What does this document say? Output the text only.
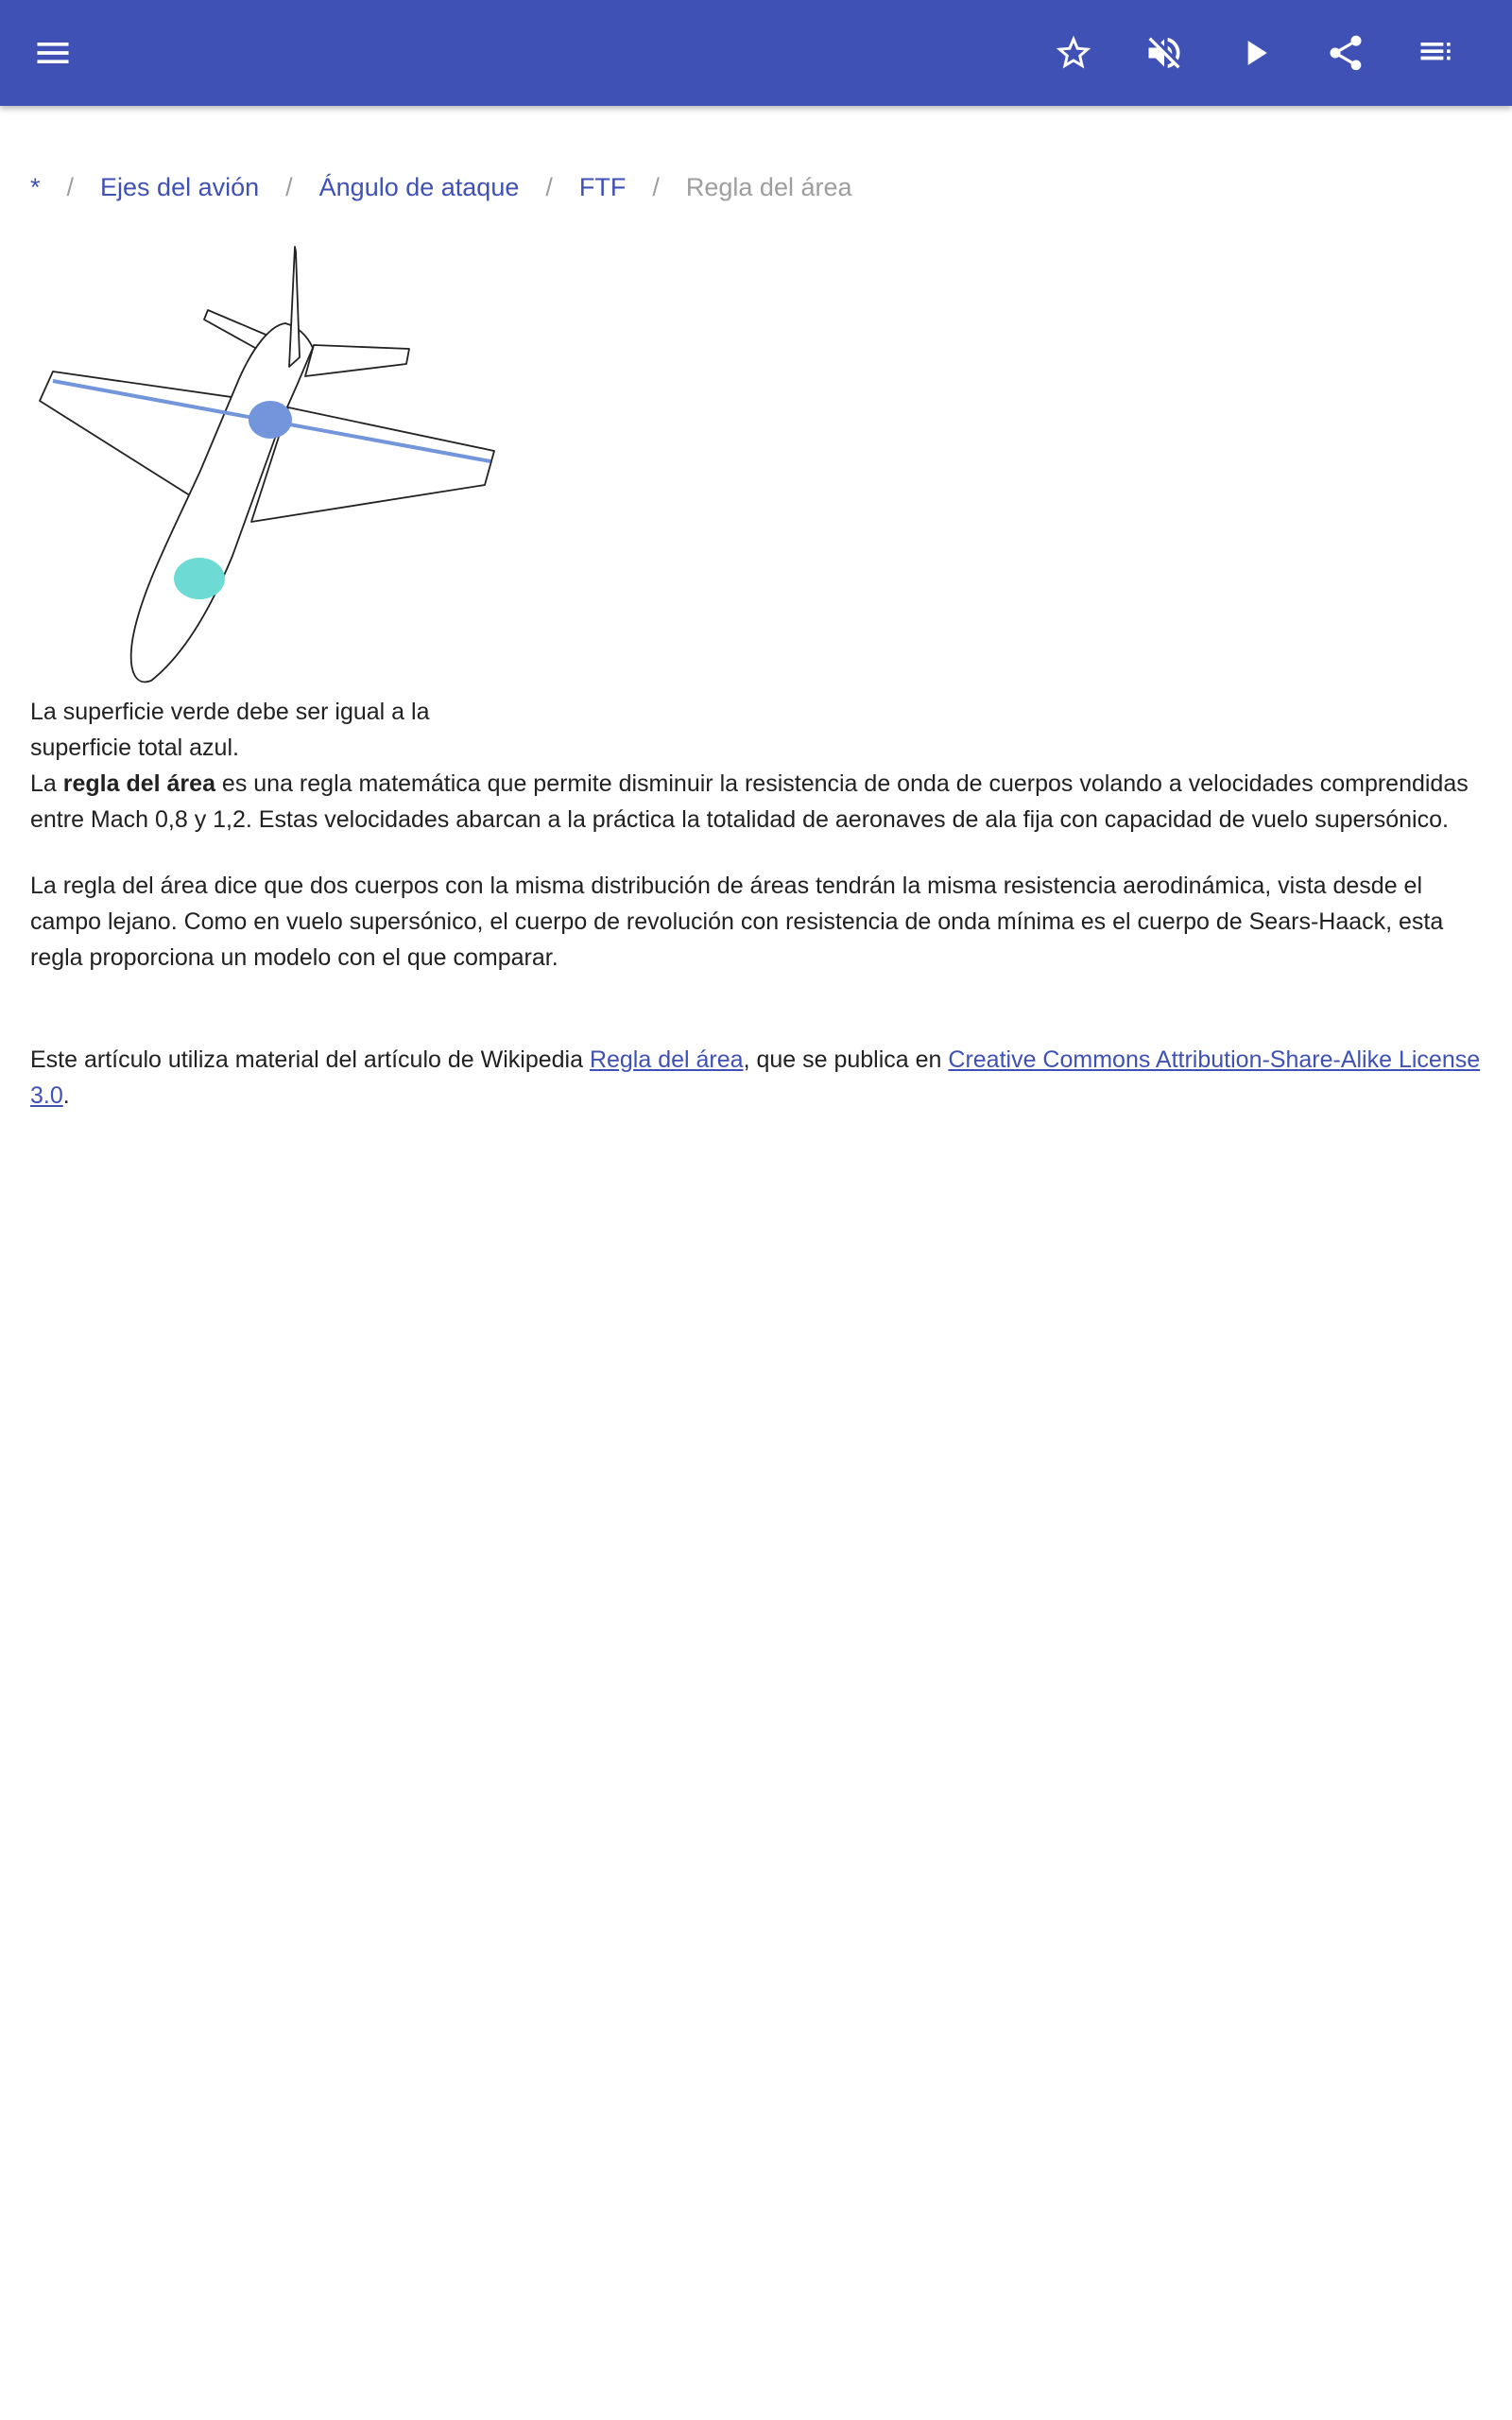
* / Ejes del avión / Ángulo de ataque / FTF / Regla del área
La superficie verde debe ser igual a la
superficie total azul.

La regla del área es una regla matemática que permite disminuir la resistencia de onda de cuerpos volando a velocidades comprendidas entre Mach 0,8 y 1,2. Estas velocidades abarcan a la práctica la totalidad de aeronaves de ala fija con capacidad de vuelo supersónico.

La regla del área dice que dos cuerpos con la misma distribución de áreas tendrán la misma resistencia aerodinámica, vista desde el campo lejano. Como en vuelo supersónico, el cuerpo de revolución con resistencia de onda mínima es el cuerpo de Sears-Haack, esta regla proporciona un modelo con el que comparar.

Este artículo utiliza material del artículo de Wikipedia Regla del área, que se publica en Creative Commons Attribution-Share-Alike License 3.0.
